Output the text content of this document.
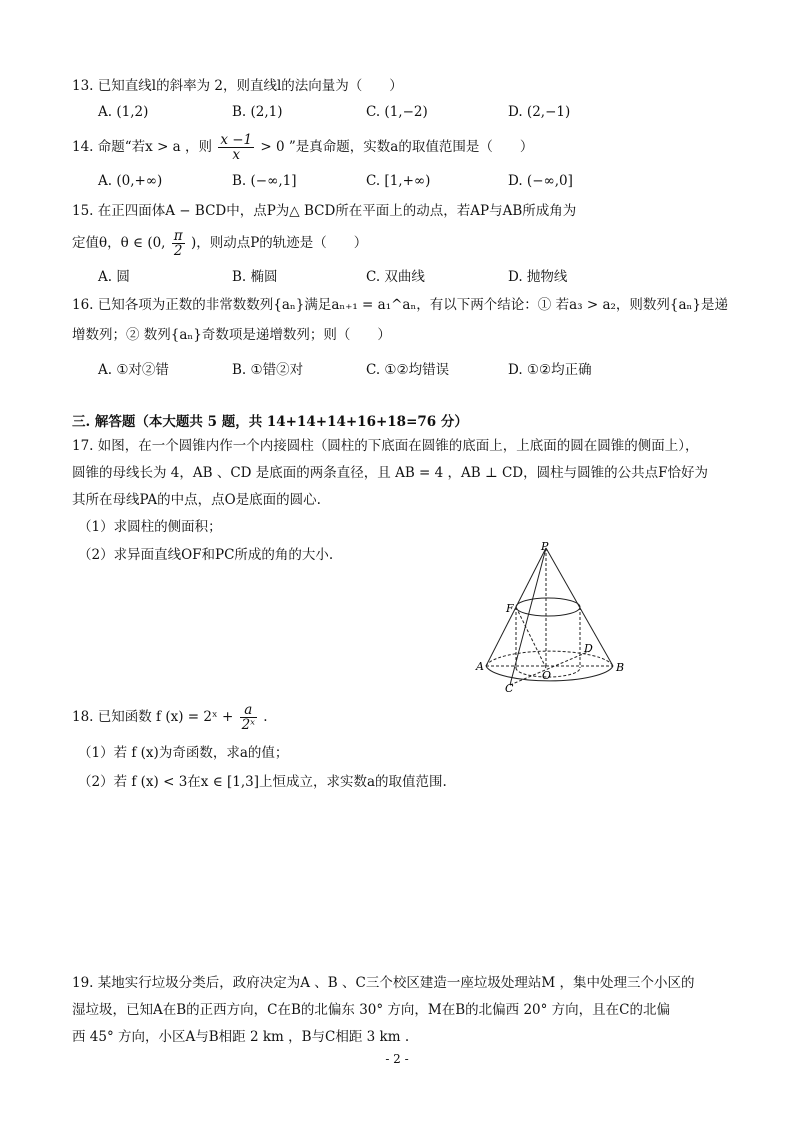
13. 已知直线l的斜率为 2，则直线l的法向量为（　　）
A. (1,2)	B. (2,1)	C. (1,−2)	D. (2,−1)
14. 命题“若x > a ，则 $\frac{x -1}{x} > 0$ ”是真命题，实数a的取值范围是（　　）
A. (0,+∞)	B. (−∞,1]	C. [1,+∞)	D. (−∞,0]
15. 在正四面体A − BCD中，点P为△ BCD所在平面上的动点，若AP与AB所成角为
定值θ，θ ∈ (0, $\frac{\pi}{2}$ )，则动点P的轨迹是（　　）
A. 圆	B. 椭圆	C. 双曲线	D. 抛物线
16. 已知各项为正数的非常数数列{aₙ}满足aₙ₊₁ = a₁^aₙ，有以下两个结论：① 若a₃ > a₂，则数列{aₙ}是递
增数列；② 数列{aₙ}奇数项是递增数列；则（　　）
A. ①对②错	B. ①错②对	C. ①②均错误	D. ①②均正确
三. 解答题（本大题共 5 题，共 14+14+14+16+18=76 分）
17. 如图，在一个圆锥内作一个内接圆柱（圆柱的下底面在圆锥的底面上，上底面的圆在圆锥的侧面上），
圆锥的母线长为 4，AB 、CD 是底面的两条直径，且 AB = 4 ，AB ⊥ CD，圆柱与圆锥的公共点F恰好为
其所在母线PA的中点，点O是底面的圆心.
（1）求圆柱的侧面积；
（2）求异面直线OF和PC所成的角的大小.
P
F
A	B
C
D
O
18. 已知函数 f (x) = 2ˣ + $\frac{a}{\text{2ˣ}}$ .
（1）若 f (x)为奇函数，求a的值；
（2）若 f (x) < 3在x ∈ [1,3]上恒成立，求实数a的取值范围.
19. 某地实行垃圾分类后，政府决定为A 、B 、C三个校区建造一座垃圾处理站M ，集中处理三个小区的
湿垃圾，已知A在B的正西方向，C在B的北偏东 30° 方向，M在B的北偏西 20° 方向，且在C的北偏
西 45° 方向，小区A与B相距 2 km ，B与C相距 3 km .
- 2 -
